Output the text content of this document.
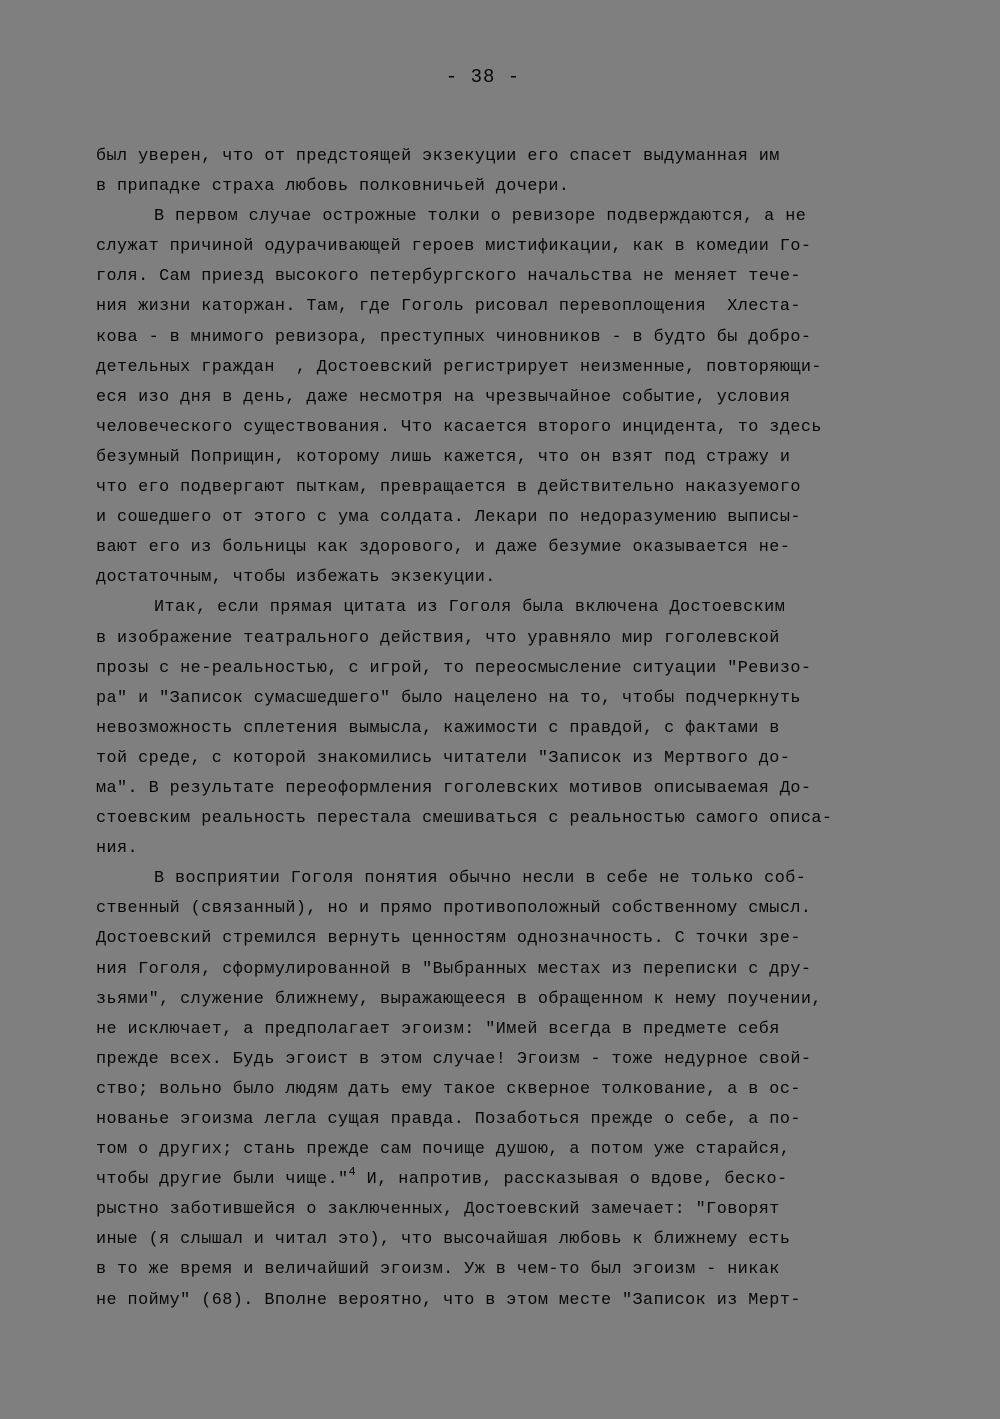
- 38 -
был уверен, что от предстоящей экзекуции его спасет выдуманная им
в припадке страха любовь полковничьей дочери.
В первом случае острожные толки о ревизоре подверждаются, а не
служат причиной одурачивающей героев мистификации, как в комедии Го-
голя. Сам приезд высокого петербургского начальства не меняет тече-
ния жизни каторжан. Там, где Гоголь рисовал перевоплощения  Хлеста-
кова - в мнимого ревизора, преступных чиновников - в будто бы добро-
детельных граждан  , Достоевский регистрирует неизменные, повторяющи-
еся изо дня в день, даже несмотря на чрезвычайное событие, условия
человеческого существования. Что касается второго инцидента, то здесь
безумный Поприщин, которому лишь кажется, что он взят под стражу и
что его подвергают пыткам, превращается в действительно наказуемого
и сошедшего от этого с ума солдата. Лекари по недоразумению выписы-
вают его из больницы как здорового, и даже безумие оказывается не-
достаточным, чтобы избежать экзекуции.
Итак, если прямая цитата из Гоголя была включена Достоевским
в изображение театрального действия, что уравняло мир гоголевской
прозы с не-реальностью, с игрой, то переосмысление ситуации "Ревизо-
ра" и "Записок сумасшедшего" было нацелено на то, чтобы подчеркнуть
невозможность сплетения вымысла, кажимости с правдой, с фактами в
той среде, с которой знакомились читатели "Записок из Мертвого до-
ма". В результате переоформления гоголевских мотивов описываемая До-
стоевским реальность перестала смешиваться с реальностью самого описа-
ния.
В восприятии Гоголя понятия обычно несли в себе не только соб-
ственный (связанный), но и прямо противоположный собственному смысл.
Достоевский стремился вернуть ценностям однозначность. С точки зре-
ния Гоголя, сформулированной в "Выбранных местах из переписки с дру-
зьями", служение ближнему, выражающееся в обращенном к нему поучении,
не исключает, а предполагает эгоизм: "Имей всегда в предмете себя
прежде всех. Будь эгоист в этом случае! Эгоизм - тоже недурное свой-
ство; вольно было людям дать ему такое скверное толкование, а в ос-
нованье эгоизма легла сущая правда. Позаботься прежде о себе, а по-
том о других; стань прежде сам почище душою, а потом уже старайся,
чтобы другие были чище."$^4$ И, напротив, рассказывая о вдове, беско-
рыстно заботившейся о заключенных, Достоевский замечает: "Говорят
иные (я слышал и читал это), что высочайшая любовь к ближнему есть
в то же время и величайший эгоизм. Уж в чем-то был эгоизм - никак
не пойму" (68). Вполне вероятно, что в этом месте "Записок из Мерт-
